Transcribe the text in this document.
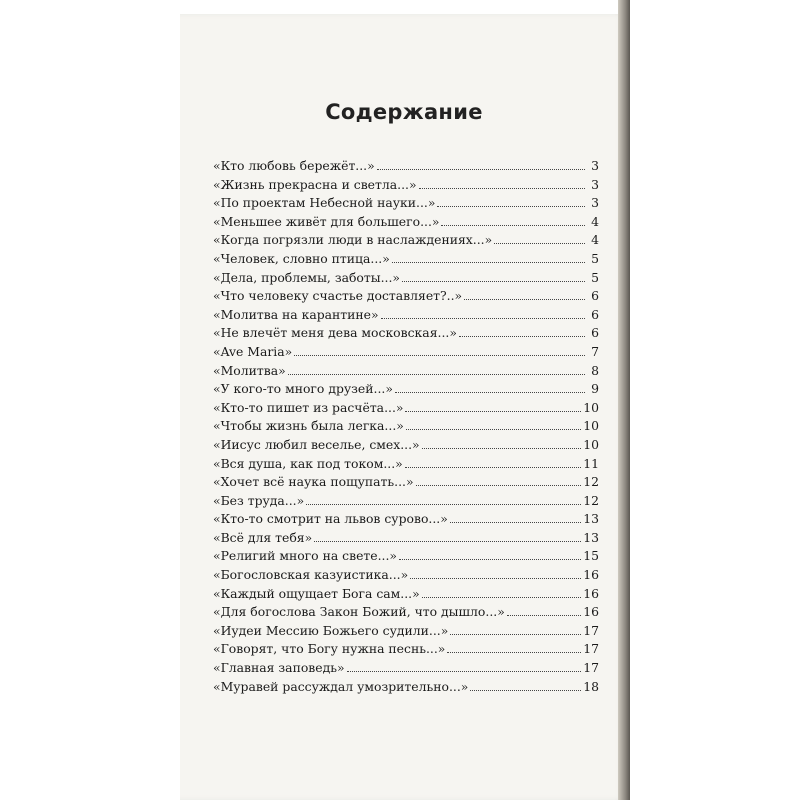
Содержание
«Кто любовь бережёт...»	3
«Жизнь прекрасна и светла...»	3
«По проектам Небесной науки...»	3
«Меньшее живёт для большего...»	4
«Когда погрязли люди в наслаждениях...»	4
«Человек, словно птица...»	5
«Дела, проблемы, заботы...»	5
«Что человеку счастье доставляет?..»	6
«Молитва на карантине»	6
«Не влечёт меня дева московская...»	6
«Ave Maria»	7
«Молитва»	8
«У кого-то много друзей...»	9
«Кто-то пишет из расчёта...»	10
«Чтобы жизнь была легка...»	10
«Иисус любил веселье, смех...»	10
«Вся душа, как под током...»	11
«Хочет всё наука пощупать...»	12
«Без труда...»	12
«Кто-то смотрит на львов сурово...»	13
«Всё для тебя»	13
«Религий много на свете...»	15
«Богословская казуистика...»	16
«Каждый ощущает Бога сам...»	16
«Для богослова Закон Божий, что дышло...»	16
«Иудеи Мессию Божьего судили...»	17
«Говорят, что Богу нужна песнь...»	17
«Главная заповедь»	17
«Муравей рассуждал умозрительно...»	18
